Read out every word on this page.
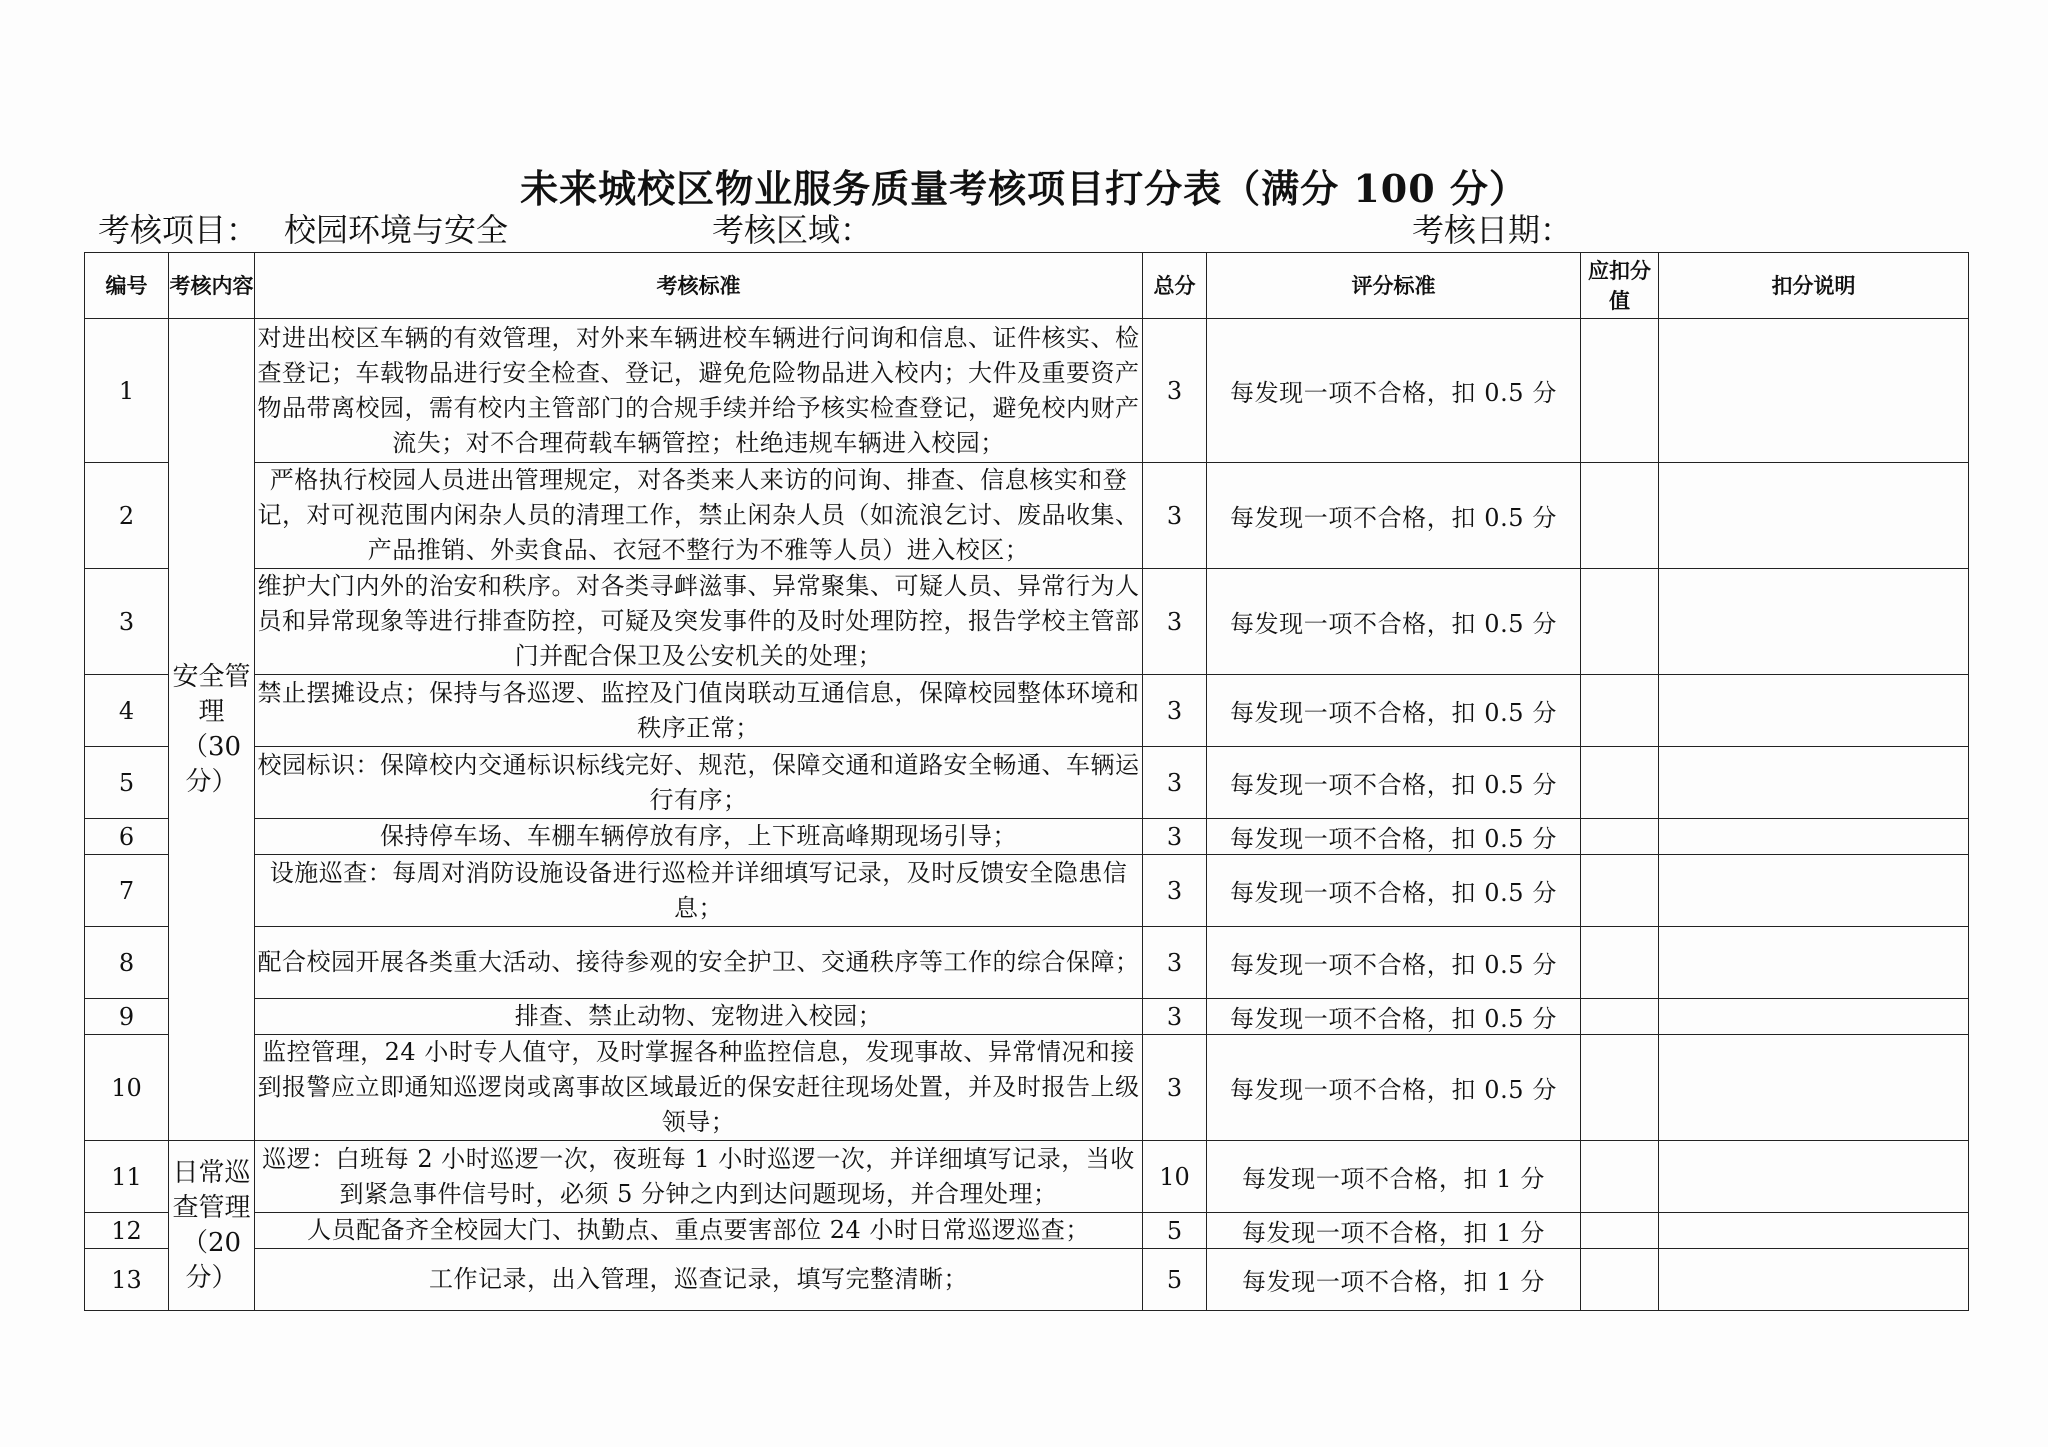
未来城校区物业服务质量考核项目打分表（满分 100 分）
考核项目： 校园环境与安全	考核区域：	考核日期：
编号	考核内容	考核标准	总分	评分标准	应扣分值	扣分说明
1	安全管理（30分）	对进出校区车辆的有效管理，对外来车辆进校车辆进行问询和信息、证件核实、检查登记；车载物品进行安全检查、登记，避免危险物品进入校内；大件及重要资产物品带离校园，需有校内主管部门的合规手续并给予核实检查登记，避免校内财产流失；对不合理荷载车辆管控；杜绝违规车辆进入校园；	3	每发现一项不合格，扣 0.5 分		
2		严格执行校园人员进出管理规定，对各类来人来访的问询、排查、信息核实和登记，对可视范围内闲杂人员的清理工作，禁止闲杂人员（如流浪乞讨、废品收集、产品推销、外卖食品、衣冠不整行为不雅等人员）进入校区；	3	每发现一项不合格，扣 0.5 分		
3		维护大门内外的治安和秩序。对各类寻衅滋事、异常聚集、可疑人员、异常行为人员和异常现象等进行排查防控，可疑及突发事件的及时处理防控，报告学校主管部门并配合保卫及公安机关的处理；	3	每发现一项不合格，扣 0.5 分		
4		禁止摆摊设点；保持与各巡逻、监控及门值岗联动互通信息，保障校园整体环境和秩序正常；	3	每发现一项不合格，扣 0.5 分		
5		校园标识：保障校内交通标识标线完好、规范，保障交通和道路安全畅通、车辆运行有序；	3	每发现一项不合格，扣 0.5 分		
6		保持停车场、车棚车辆停放有序，上下班高峰期现场引导；	3	每发现一项不合格，扣 0.5 分		
7		设施巡查：每周对消防设施设备进行巡检并详细填写记录，及时反馈安全隐患信息；	3	每发现一项不合格，扣 0.5 分		
8		配合校园开展各类重大活动、接待参观的安全护卫、交通秩序等工作的综合保障；	3	每发现一项不合格，扣 0.5 分		
9		排查、禁止动物、宠物进入校园；	3	每发现一项不合格，扣 0.5 分		
10		监控管理，24 小时专人值守，及时掌握各种监控信息，发现事故、异常情况和接到报警应立即通知巡逻岗或离事故区域最近的保安赶往现场处置，并及时报告上级领导；	3	每发现一项不合格，扣 0.5 分		
11	日常巡查管理（20分）	巡逻：白班每 2 小时巡逻一次，夜班每 1 小时巡逻一次，并详细填写记录，当收到紧急事件信号时，必须 5 分钟之内到达问题现场，并合理处理；	10	每发现一项不合格，扣 1 分		
12		人员配备齐全校园大门、执勤点、重点要害部位 24 小时日常巡逻巡查；	5	每发现一项不合格，扣 1 分		
13		工作记录，出入管理，巡查记录，填写完整清晰；	5	每发现一项不合格，扣 1 分		
